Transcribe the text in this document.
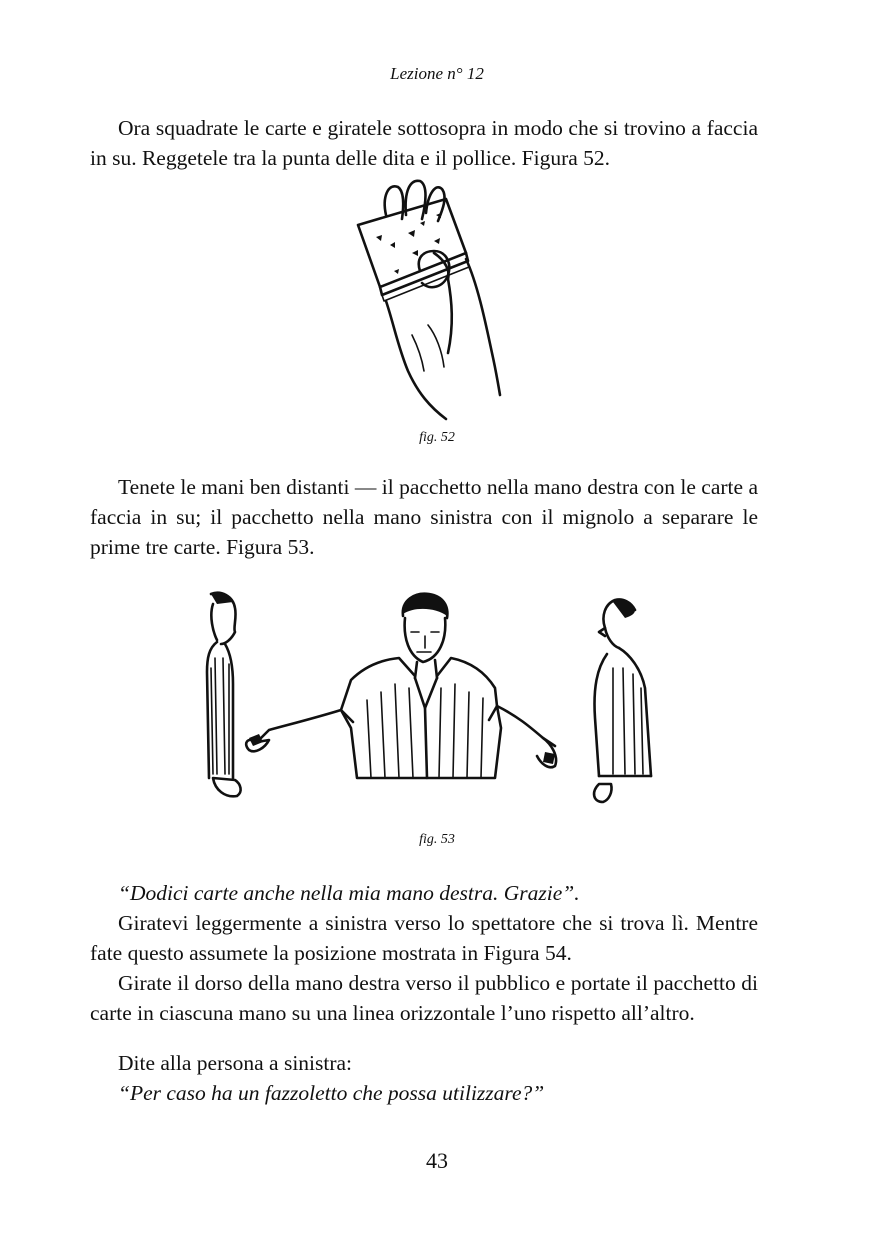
Lezione n° 12

Ora squadrate le carte e giratele sottosopra in modo che si trovino a faccia in su. Reggetele tra la punta delle dita e il pollice. Figura 52.

fig. 52

Tenete le mani ben distanti — il pacchetto nella mano destra con le carte a faccia in su; il pacchetto nella mano sinistra con il mignolo a separare le prime tre carte. Figura 53.

fig. 53

“Dodici carte anche nella mia mano destra. Grazie”.

Giratevi leggermente a sinistra verso lo spettatore che si trova lì. Mentre fate questo assumete la posizione mostrata in Figura 54.

Girate il dorso della mano destra verso il pubblico e portate il pacchetto di carte in ciascuna mano su una linea orizzontale l’uno rispetto all’altro.

Dite alla persona a sinistra:

“Per caso ha un fazzoletto che possa utilizzare?”

43
